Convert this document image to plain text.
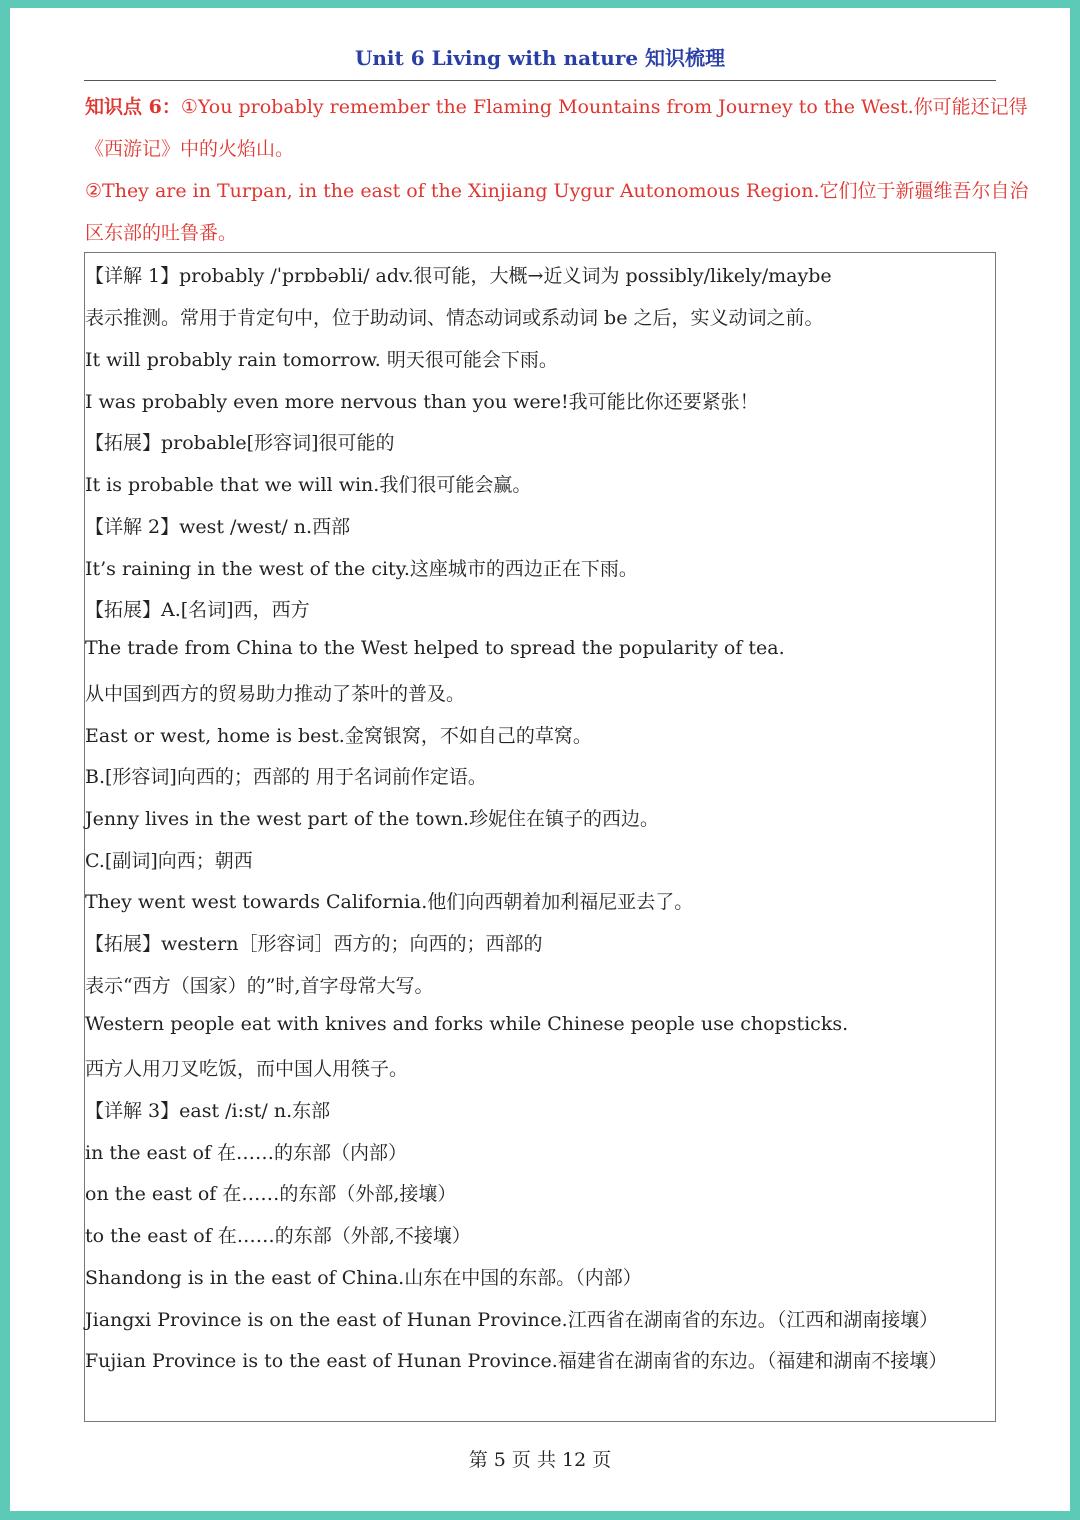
Unit 6 Living with nature 知识梳理
知识点 6：①You probably remember the Flaming Mountains from Journey to the West.你可能还记得
《西游记》中的火焰山。
②They are in Turpan, in the east of the Xinjiang Uygur Autonomous Region.它们位于新疆维吾尔自治
区东部的吐鲁番。
【详解 1】probably /ˈprɒbəbli/ adv.很可能，大概→近义词为 possibly/likely/maybe
表示推测。常用于肯定句中，位于助动词、情态动词或系动词 be 之后，实义动词之前。
It will probably rain tomorrow. 明天很可能会下雨。
I was probably even more nervous than you were!我可能比你还要紧张！
【拓展】probable[形容词]很可能的
It is probable that we will win.我们很可能会赢。
【详解 2】west /west/ n.西部
It’s raining in the west of the city.这座城市的西边正在下雨。
【拓展】A.[名词]西，西方
The trade from China to the West helped to spread the popularity of tea.
从中国到西方的贸易助力推动了茶叶的普及。
East or west, home is best.金窝银窝，不如自己的草窝。
B.[形容词]向西的；西部的 用于名词前作定语。
Jenny lives in the west part of the town.珍妮住在镇子的西边。
C.[副词]向西；朝西
They went west towards California.他们向西朝着加利福尼亚去了。
【拓展】western［形容词］西方的；向西的；西部的
表示“西方（国家）的”时,首字母常大写。
Western people eat with knives and forks while Chinese people use chopsticks.
西方人用刀叉吃饭，而中国人用筷子。
【详解 3】east /i:st/ n.东部
in the east of 在……的东部（内部）
on the east of 在……的东部（外部,接壤）
to the east of 在……的东部（外部,不接壤）
Shandong is in the east of China.山东在中国的东部。（内部）
Jiangxi Province is on the east of Hunan Province.江西省在湖南省的东边。（江西和湖南接壤）
Fujian Province is to the east of Hunan Province.福建省在湖南省的东边。（福建和湖南不接壤）
第 5 页 共 12 页
